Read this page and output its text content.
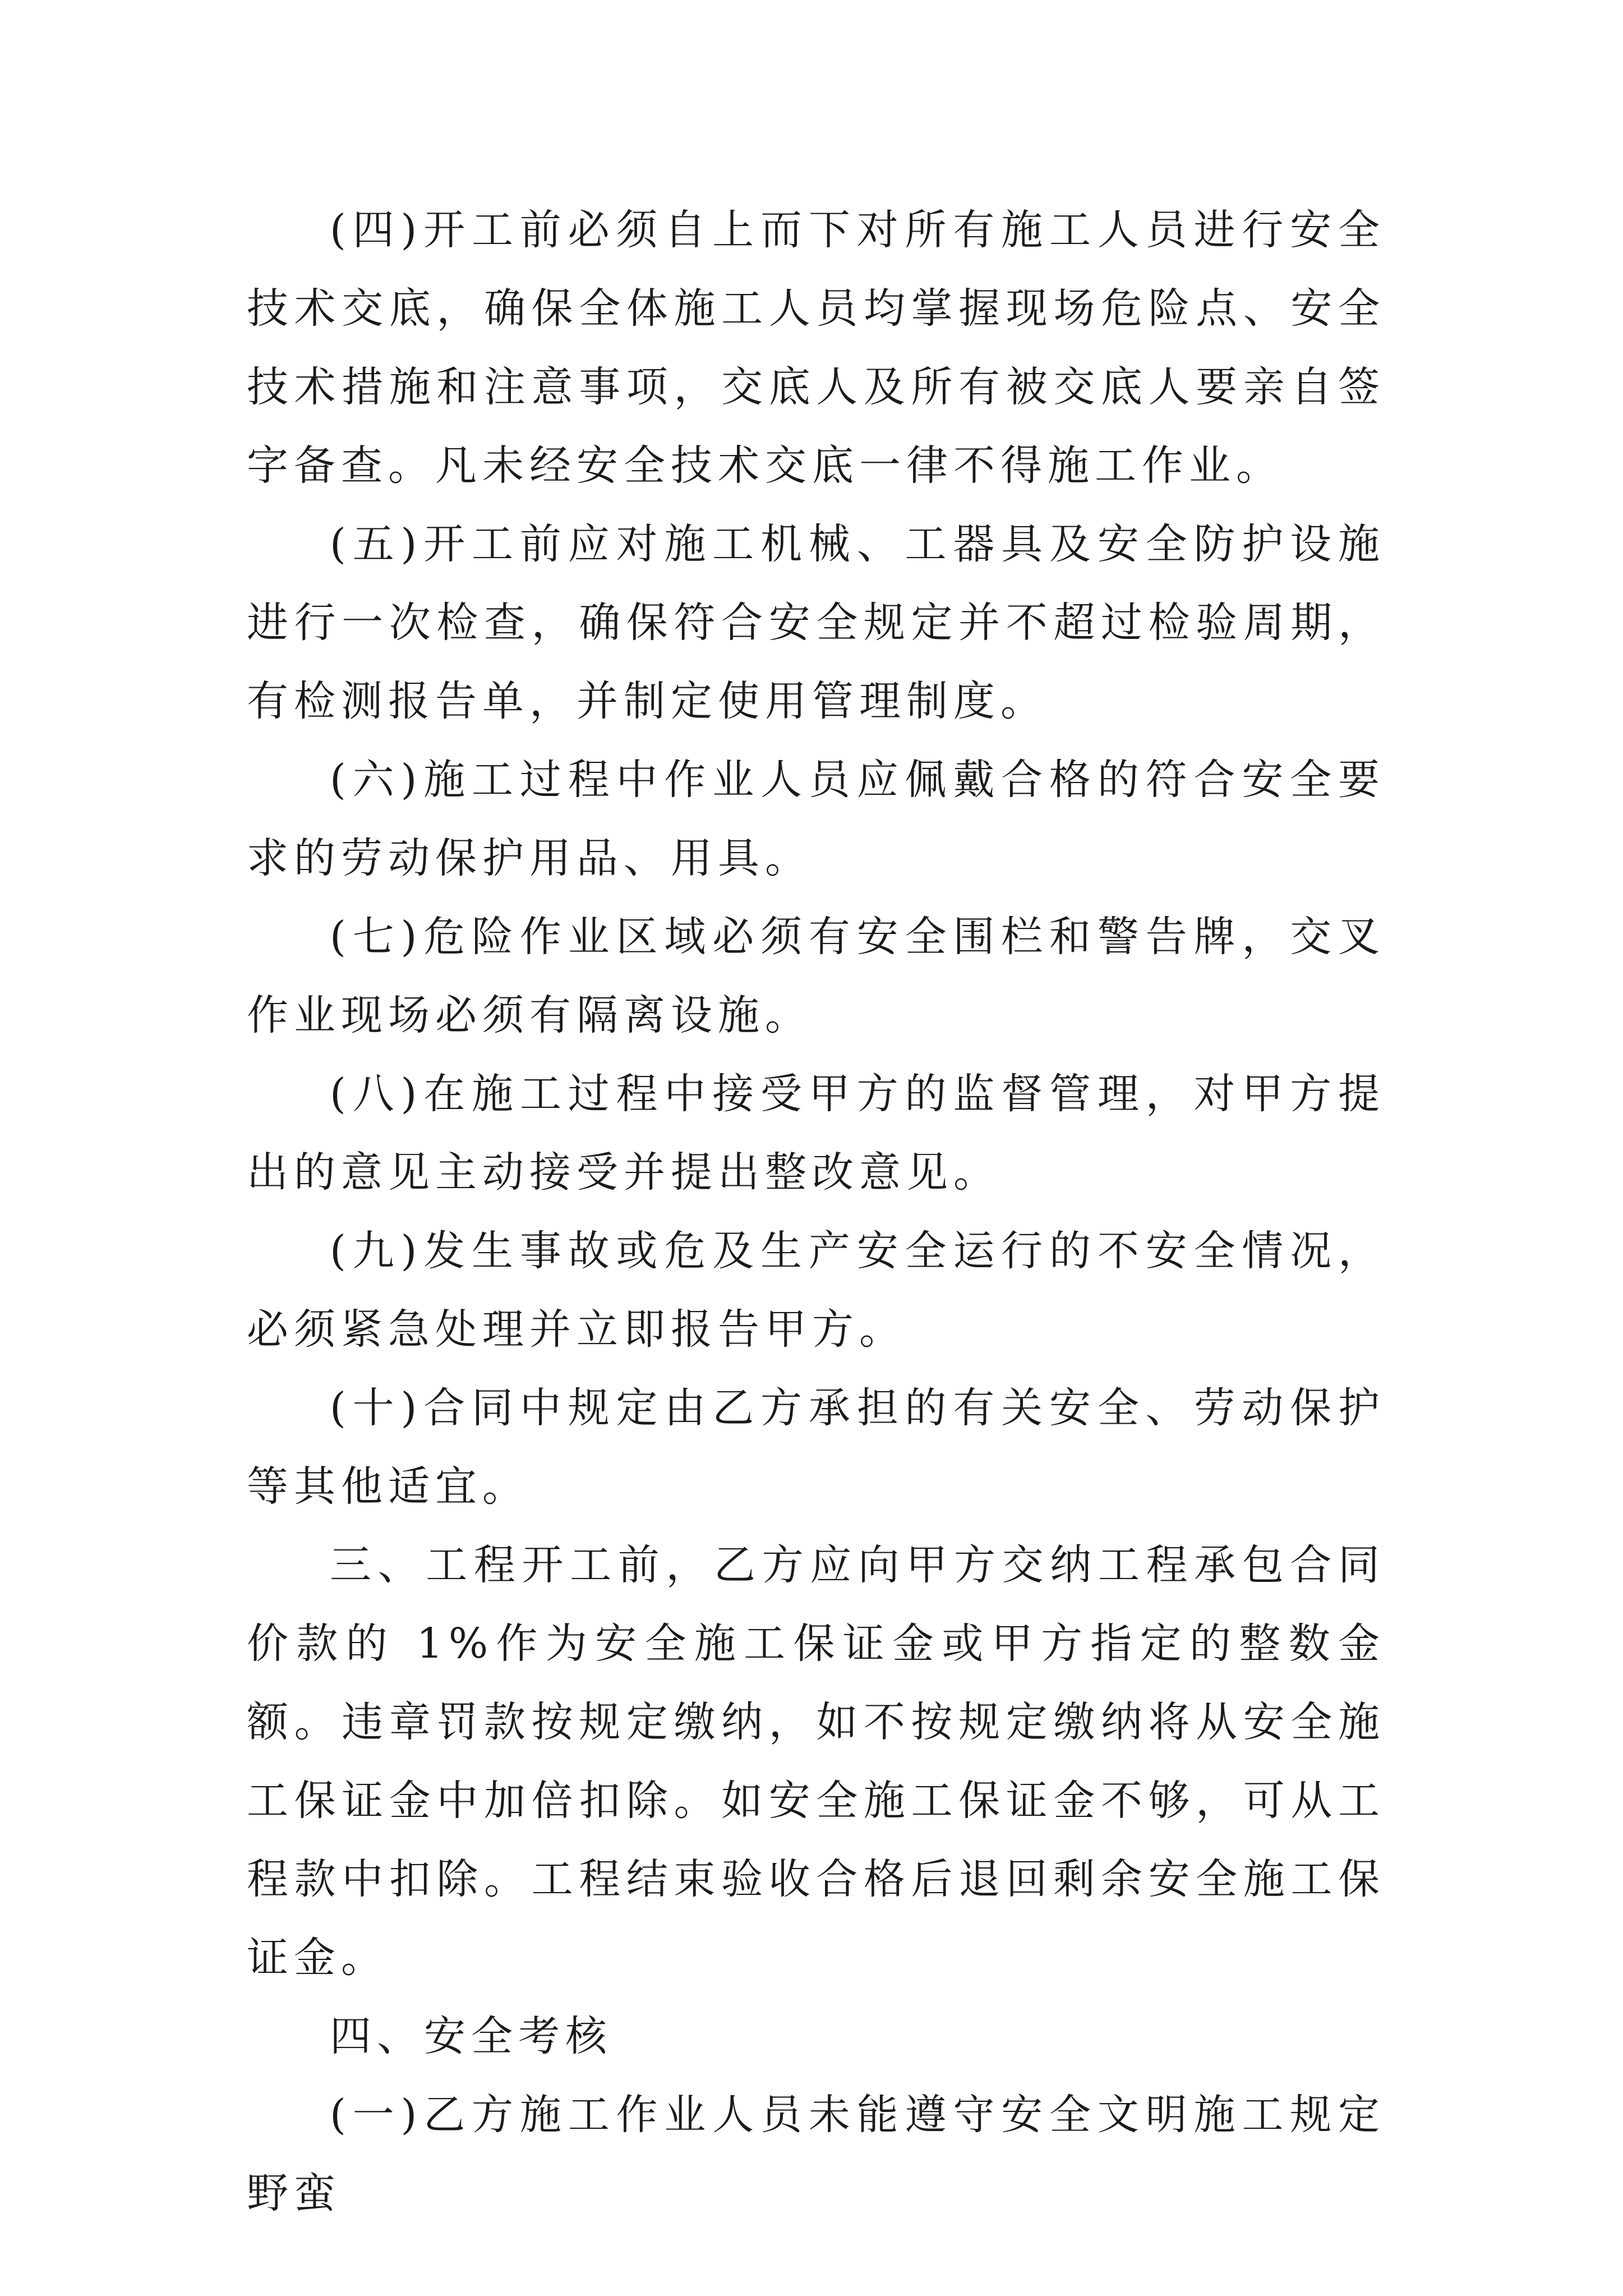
(四)开工前必须自上而下对所有施工人员进行安全技术交底，确保全体施工人员均掌握现场危险点、安全技术措施和注意事项，交底人及所有被交底人要亲自签字备查。凡未经安全技术交底一律不得施工作业。

(五)开工前应对施工机械、工器具及安全防护设施进行一次检查，确保符合安全规定并不超过检验周期，有检测报告单，并制定使用管理制度。

(六)施工过程中作业人员应佩戴合格的符合安全要求的劳动保护用品、用具。

(七)危险作业区域必须有安全围栏和警告牌，交叉作业现场必须有隔离设施。

(八)在施工过程中接受甲方的监督管理，对甲方提出的意见主动接受并提出整改意见。

(九)发生事故或危及生产安全运行的不安全情况，必须紧急处理并立即报告甲方。

(十)合同中规定由乙方承担的有关安全、劳动保护等其他适宜。

三、工程开工前，乙方应向甲方交纳工程承包合同价款的 1%作为安全施工保证金或甲方指定的整数金额。违章罚款按规定缴纳，如不按规定缴纳将从安全施工保证金中加倍扣除。如安全施工保证金不够，可从工程款中扣除。工程结束验收合格后退回剩余安全施工保证金。

四、安全考核

(一)乙方施工作业人员未能遵守安全文明施工规定野蛮
